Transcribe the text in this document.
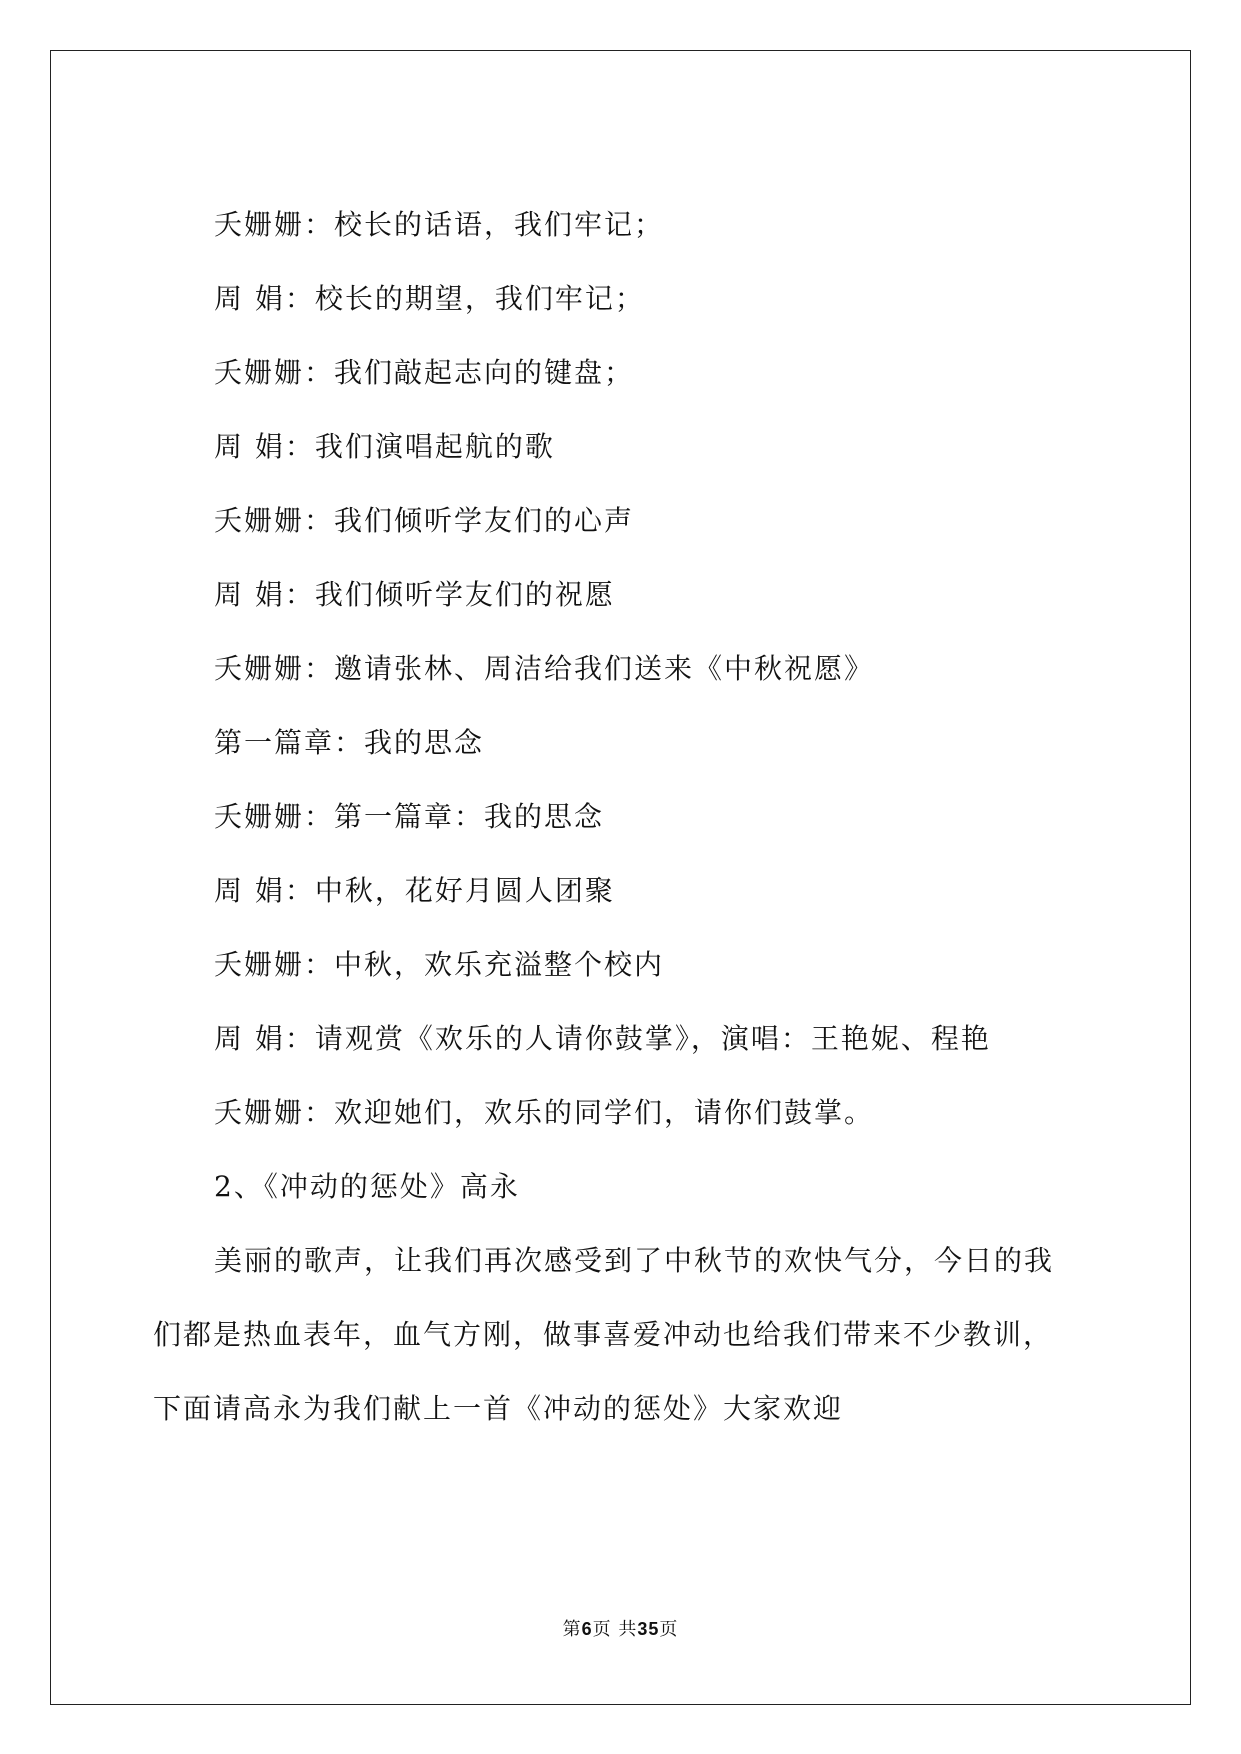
夭姗姗：校长的话语，我们牢记；
周 娟：校长的期望，我们牢记；
夭姗姗：我们敲起志向的键盘；
周 娟：我们演唱起航的歌
夭姗姗：我们倾听学友们的心声
周 娟：我们倾听学友们的祝愿
夭姗姗：邀请张林、周洁给我们送来《中秋祝愿》
第一篇章：我的思念
夭姗姗：第一篇章：我的思念
周 娟：中秋，花好月圆人团聚
夭姗姗：中秋，欢乐充溢整个校内
周 娟：请观赏《欢乐的人请你鼓掌》，演唱：王艳妮、程艳
夭姗姗：欢迎她们，欢乐的同学们，请你们鼓掌。
2、《冲动的惩处》高永
美丽的歌声，让我们再次感受到了中秋节的欢快气分，今日的我
们都是热血表年，血气方刚，做事喜爱冲动也给我们带来不少教训，
下面请高永为我们献上一首《冲动的惩处》大家欢迎
第6页 共35页
